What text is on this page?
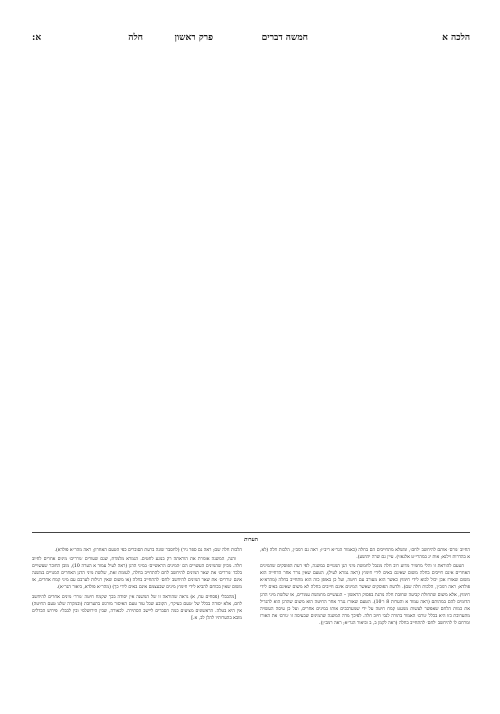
הלכה א
חמשה דברים
פרק ראשון
חלה
א:
הערות

החיוב ׳גורם׳ אותם להיחשב ׳לחם׳, ומשלא מתחייבים הם בחלה (כאמור הגר״א ריב״ז; ראה גם רמב״ן, הלכות חלה (לא, א בהדרות וילנא; אות יג במהרי״ט אלגאזי). עיין גם שרה יהושע).

הטעם להוראת זו והלי מחמיר מדוע רוב חלה מוגבל לחמשת מיני הגן המנויים במשנה, לפי דעת הפוסקים שהמינים האחרים אינם חייבים בחלה משום שאינם באים לידי חימוץ (ראה גמרא לעיל), הטעם שאין גורר אחר הדחייה הוא משום שאורז אכן יכול לבוא לידי חימוץ כאשר הוא מעורב עם חיטה, ועל כן באופן כזה הוא מתחייב בחלה (מהרא״א פולדא; ראה רמב״ן, הלכות חלה שם). ולדעת הפוסקים שאשר המינים אינם חייבים בחלה לא משום שאינם באים לידי חימוץ, אלא משום שתחולת קביעה שחובת חלה נוהגת בפסוק הראשון – הנעשיים מחמשת עמורים, או שלשת מיני הדגן הדומים להם במהותם (ראה עמוד א והערות 8 ו־10). הטעם שאורז נגרר אחר החיטה הוא משום שהדגן הוא להגדיל את כמות הלחם שאפשר לעשות ממעט קמח חיטה על ידי שמערבבים אותו במינים אחרים, ועל כן עיסה העשויה מתערובת כזו היא בכלל ׳גורם׳ האמור בתורה לגבי חיוב חלה. לפיכך מדה המשנה שהמינים שבעיסה זו ׳גורם׳ את האורז ומרחם לו להיחשב ׳לחם׳ להתחייב בחלה (ראה לקמן ב, ב וביאור הגר״א; ראה רמב״ן).

הלכות חלה שם; ראה גם ספר ניר) (לחסבר שונה ברעת הסוברים כפי הטעם האחרון; ראה מהר״א פולדא).

והנה, המשנה אומרת את הוראתה רק בנוגע לחטים. הגמרא מלמדת, שגם שעורים ׳גוררים׳ מינים אחרים לחיוב חלה. מכיון שהמינים העשויים הם ׳המינים הראשיים׳ במיני הדגן (ראה לעיל עמוד א הערה 10), מובן החובר שעשויים בלבד ׳גוררים׳ את שאר המינים להיחשב לחם להתחייב בחלה, לעומת זאת, שלשת מיני הדגן האחרים המנויים במשנה אינם ׳גוררים׳ את שאר המינים להיחשב ׳לחם׳ להתחייב בחלה (או משום שאין רגילות לערבם עם מיני קמח אחרים, או משום שאין בכוחם להביא לידי חימוץ מינים שבעצמם אינם באים לידי כך) (מהר״א פולדא, ביאור הגר״א).

[מהבבלי (פסחים עח, א) נראה שהוראה זו של המשנה אין יסודה בכך שקמח חיטה ׳גורר׳ מינים אחרים להיחשב לחם, אלא יסודה בכלל של ׳טעם כעיקר׳, הקובע שכל עוד טעם האיסור מורגש בתערובת (ובמקרה שלנו טעם החיטה) אין היא בטלה. הראשונים מציעים כמה הסברים ליישב הסתירה. לכאורה, שבין הירושלמי ובין לבבלי: פירוש הבדלים מובא בהערותיו להלן לב, א.]
